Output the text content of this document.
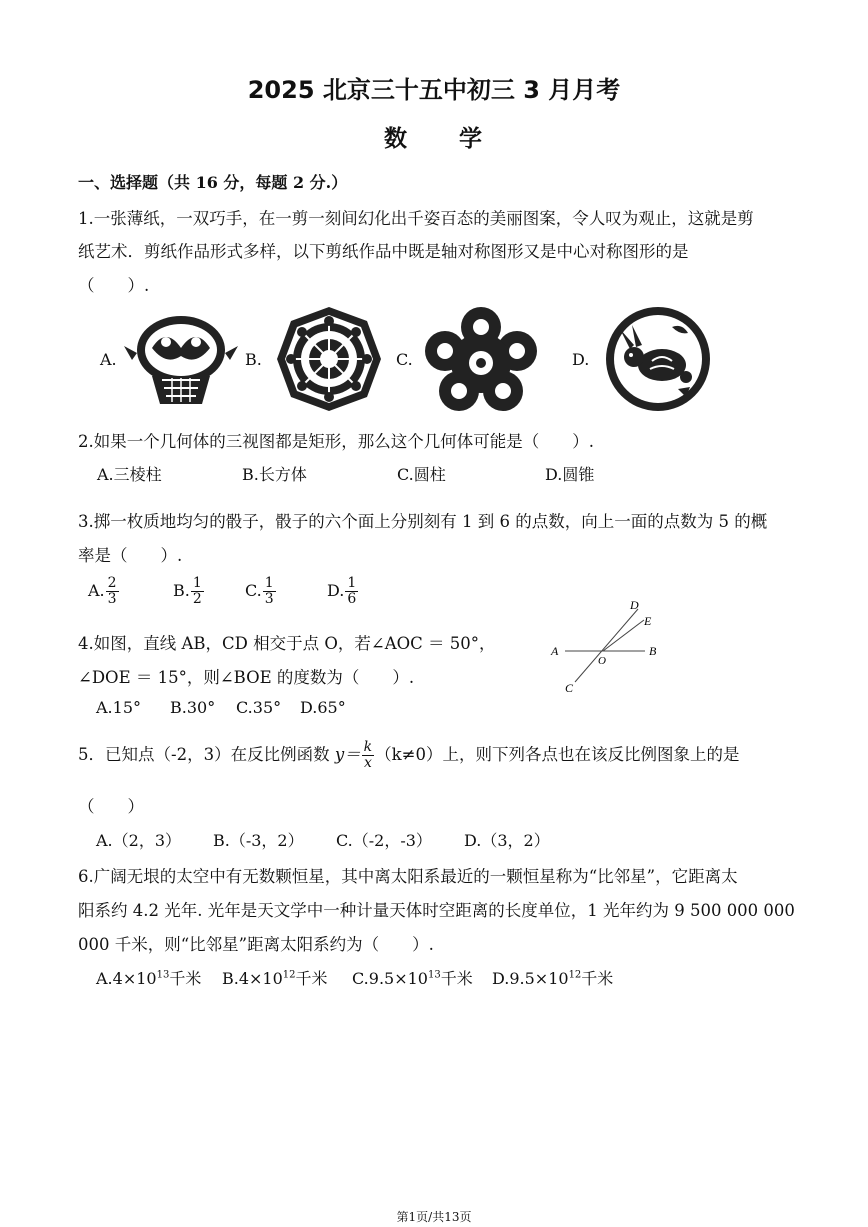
2025 北京三十五中初三 3 月月考
数　　学
一、选择题（共 16 分，每题 2 分.）
1.一张薄纸，一双巧手，在一剪一刻间幻化出千姿百态的美丽图案，令人叹为观止，这就是剪
纸艺术．剪纸作品形式多样，以下剪纸作品中既是轴对称图形又是中心对称图形的是
（　　）.
A.	B.	C.	D.
2.如果一个几何体的三视图都是矩形，那么这个几何体可能是（　　）.
A.三棱柱	B.长方体	C.圆柱	D.圆锥
3.掷一枚质地均匀的骰子，骰子的六个面上分别刻有 1 到 6 的点数，向上一面的点数为 5 的概
率是（　　）.
A. $\frac{2}{3}$	B. $\frac{1}{2}$	C. $\frac{1}{3}$	D. $\frac{1}{6}$
4.如图，直线 AB，CD 相交于点 O，若∠AOC ＝ 50°，
∠DOE ＝ 15°，则∠BOE 的度数为（　　）.
A.15° B.30° C.35° D.65°
A	B
C
D
E
O
5．已知点（-2，3）在反比例函数 $y= \frac{k}{x} (k\ne 0)$上，则下列各点也在该反比例图象上的是
（　　）
A.（2，3） B.（-3，2） C.（-2，-3） D.（3，2）
6.广阔无垠的太空中有无数颗恒星，其中离太阳系最近的一颗恒星称为“比邻星”，它距离太
阳系约 4.2 光年. 光年是天文学中一种计量天体时空距离的长度单位，1 光年约为 9 500 000 000
000 千米，则“比邻星”距离太阳系约为（　　）.
$A.4\times 10^{13}$千米 $B.4\times 10^{12}$千米 $C.9.5\times 10^{13}$千米 $D.9.5\times 10^{12}$千米
第1页/共13页
